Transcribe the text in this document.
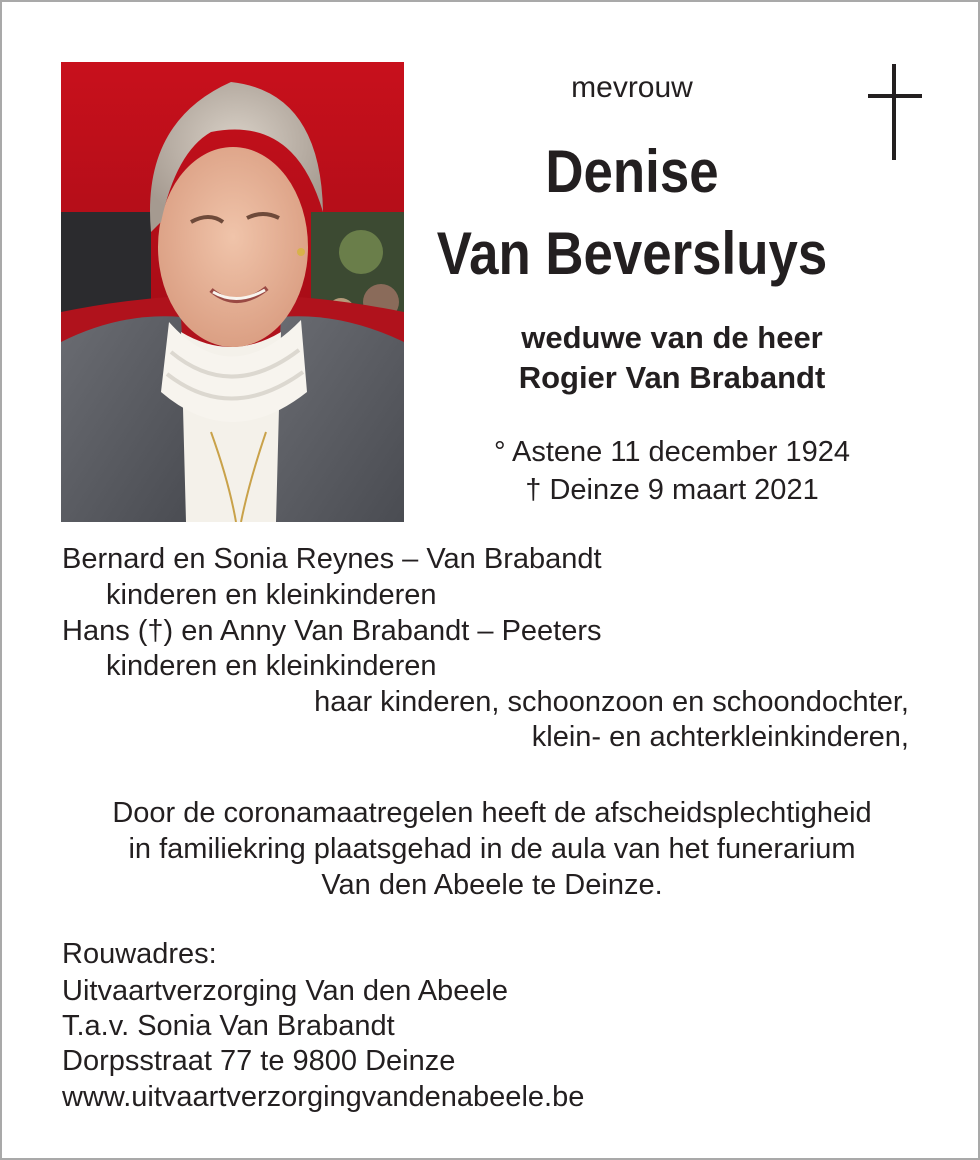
mevrouw
Denise
Van Beversluys
weduwe van de heer
Rogier Van Brabandt
° Astene 11 december 1924
† Deinze 9 maart 2021
Bernard en Sonia Reynes – Van Brabandt
kinderen en kleinkinderen
Hans (†) en Anny Van Brabandt – Peeters
kinderen en kleinkinderen
haar kinderen, schoonzoon en schoondochter,
klein- en achterkleinkinderen,
Door de coronamaatregelen heeft de afscheidsplechtigheid
in familiekring plaatsgehad in de aula van het funerarium
Van den Abeele te Deinze.
Rouwadres:
Uitvaartverzorging Van den Abeele
T.a.v. Sonia Van Brabandt
Dorpsstraat 77 te 9800 Deinze
www.uitvaartverzorgingvandenabeele.be
